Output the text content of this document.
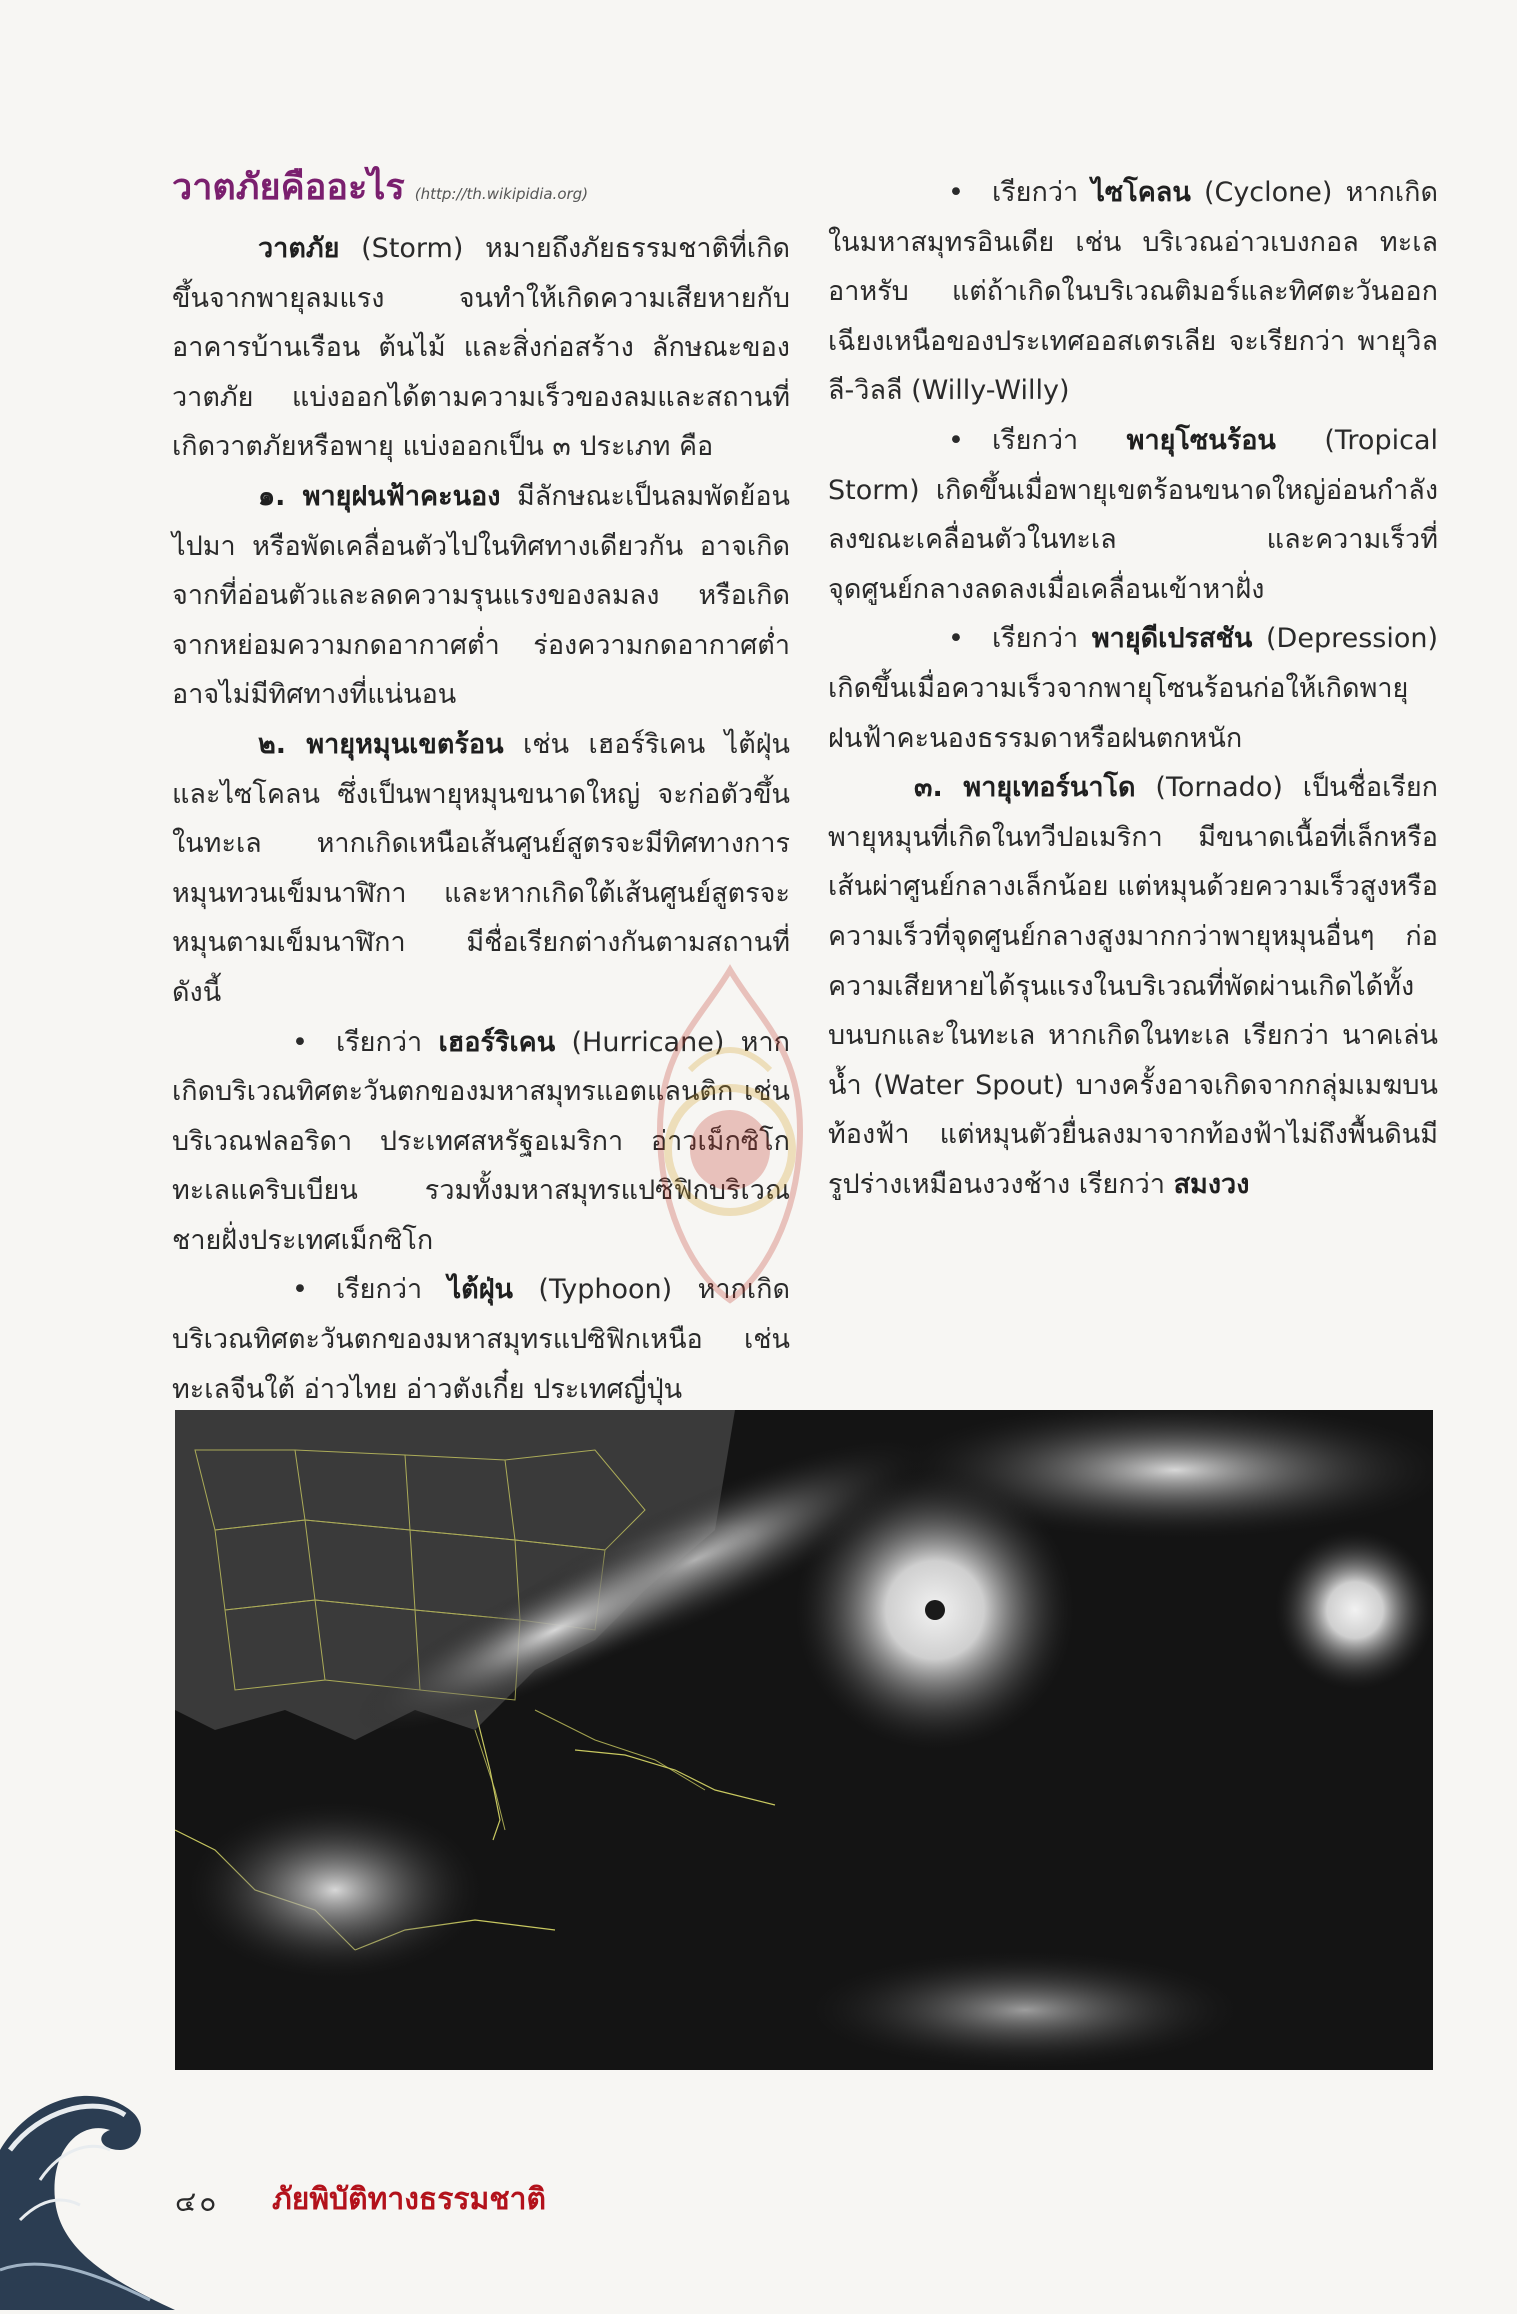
วาตภัยคืออะไร (http://th.wikipidia.org)

วาตภัย (Storm) หมายถึงภัยธรรมชาติที่เกิดขึ้นจากพายุลมแรง จนทำให้เกิดความเสียหายกับอาคารบ้านเรือน ต้นไม้ และสิ่งก่อสร้าง ลักษณะของวาตภัย แบ่งออกได้ตามความเร็วของลมและสถานที่เกิดวาตภัยหรือพายุ แบ่งออกเป็น ๓ ประเภท คือ

๑. พายุฝนฟ้าคะนอง มีลักษณะเป็นลมพัดย้อนไปมา หรือพัดเคลื่อนตัวไปในทิศทางเดียวกัน อาจเกิดจากที่อ่อนตัวและลดความรุนแรงของลมลง หรือเกิดจากหย่อมความกดอากาศต่ำ ร่องความกดอากาศต่ำ อาจไม่มีทิศทางที่แน่นอน

๒. พายุหมุนเขตร้อน เช่น เฮอร์ริเคน ไต้ฝุ่น และไซโคลน ซึ่งเป็นพายุหมุนขนาดใหญ่ จะก่อตัวขึ้นในทะเล หากเกิดเหนือเส้นศูนย์สูตรจะมีทิศทางการหมุนทวนเข็มนาฬิกา และหากเกิดใต้เส้นศูนย์สูตรจะหมุนตามเข็มนาฬิกา มีชื่อเรียกต่างกันตามสถานที่ ดังนี้

• เรียกว่า เฮอร์ริเคน (Hurricane) หากเกิดบริเวณทิศตะวันตกของมหาสมุทรแอตแลนติก เช่น บริเวณฟลอริดา ประเทศสหรัฐอเมริกา อ่าวเม็กซิโก ทะเลแคริบเบียน รวมทั้งมหาสมุทรแปซิฟิกบริเวณชายฝั่งประเทศเม็กซิโก

• เรียกว่า ไต้ฝุ่น (Typhoon) หากเกิดบริเวณทิศตะวันตกของมหาสมุทรแปซิฟิกเหนือ เช่น ทะเลจีนใต้ อ่าวไทย อ่าวตังเกี๋ย ประเทศญี่ปุ่น

• เรียกว่า ไซโคลน (Cyclone) หากเกิดในมหาสมุทรอินเดีย เช่น บริเวณอ่าวเบงกอล ทะเลอาหรับ แต่ถ้าเกิดในบริเวณติมอร์และทิศตะวันออกเฉียงเหนือของประเทศออสเตรเลีย จะเรียกว่า พายุวิลลี-วิลลี (Willy-Willy)

• เรียกว่า พายุโซนร้อน (Tropical Storm) เกิดขึ้นเมื่อพายุเขตร้อนขนาดใหญ่อ่อนกำลังลงขณะเคลื่อนตัวในทะเล และความเร็วที่จุดศูนย์กลางลดลงเมื่อเคลื่อนเข้าหาฝั่ง

• เรียกว่า พายุดีเปรสชัน (Depression) เกิดขึ้นเมื่อความเร็วจากพายุโซนร้อนก่อให้เกิดพายุฝนฟ้าคะนองธรรมดาหรือฝนตกหนัก

๓. พายุเทอร์นาโด (Tornado) เป็นชื่อเรียกพายุหมุนที่เกิดในทวีปอเมริกา มีขนาดเนื้อที่เล็กหรือเส้นผ่าศูนย์กลางเล็กน้อย แต่หมุนด้วยความเร็วสูงหรือความเร็วที่จุดศูนย์กลางสูงมากกว่าพายุหมุนอื่นๆ ก่อความเสียหายได้รุนแรงในบริเวณที่พัดผ่านเกิดได้ทั้งบนบกและในทะเล หากเกิดในทะเล เรียกว่า นาคเล่นน้ำ (Water Spout) บางครั้งอาจเกิดจากกลุ่มเมฆบนท้องฟ้า แต่หมุนตัวยื่นลงมาจากท้องฟ้าไม่ถึงพื้นดินมีรูปร่างเหมือนงวงช้าง เรียกว่า สมงวง

๔๐ ภัยพิบัติทางธรรมชาติ
